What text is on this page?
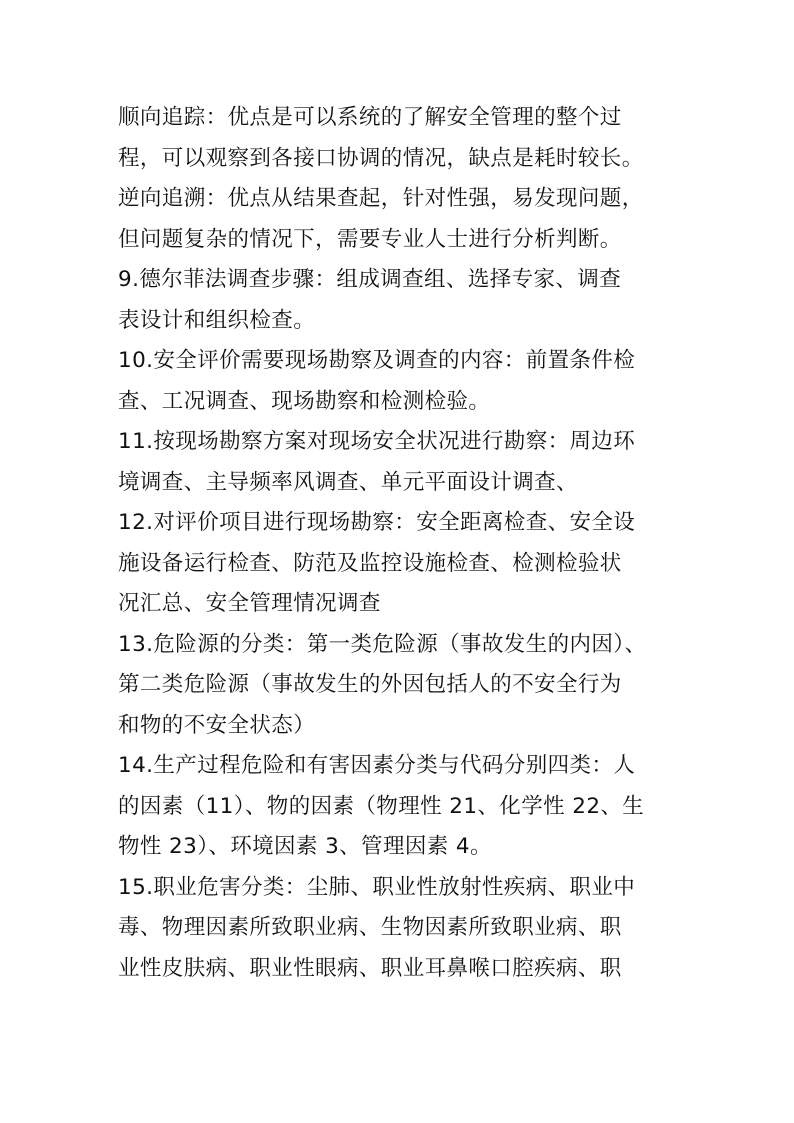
顺向追踪：优点是可以系统的了解安全管理的整个过
程，可以观察到各接口协调的情况，缺点是耗时较长。
逆向追溯：优点从结果查起，针对性强，易发现问题，
但问题复杂的情况下，需要专业人士进行分析判断。
9.德尔菲法调查步骤：组成调查组、选择专家、调查
表设计和组织检查。
10.安全评价需要现场勘察及调查的内容：前置条件检
查、工况调查、现场勘察和检测检验。
11.按现场勘察方案对现场安全状况进行勘察：周边环
境调查、主导频率风调查、单元平面设计调查、
12.对评价项目进行现场勘察：安全距离检查、安全设
施设备运行检查、防范及监控设施检查、检测检验状
况汇总、安全管理情况调查
13.危险源的分类：第一类危险源（事故发生的内因）、
第二类危险源（事故发生的外因包括人的不安全行为
和物的不安全状态）
14.生产过程危险和有害因素分类与代码分别四类：人
的因素（11）、物的因素（物理性 21、化学性 22、生
物性 23）、环境因素 3、管理因素 4。
15.职业危害分类：尘肺、职业性放射性疾病、职业中
毒、物理因素所致职业病、生物因素所致职业病、职
业性皮肤病、职业性眼病、职业耳鼻喉口腔疾病、职
